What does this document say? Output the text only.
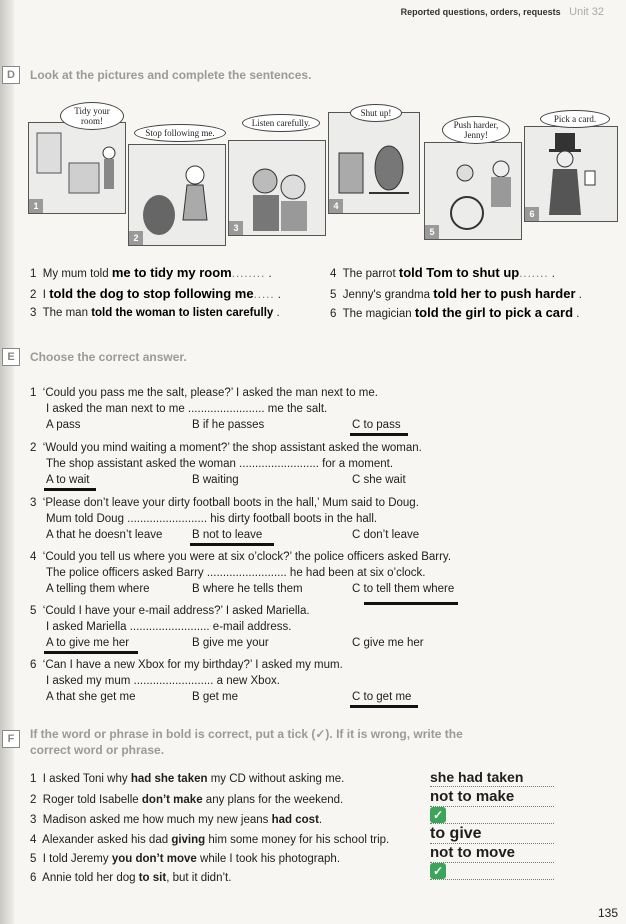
Reported questions, orders, requests Unit 32
D	Look at the pictures and complete the sentences.
1
Tidy your room!
2
Stop following me.
3
Listen carefully.
4
Shut up!
5
Push harder, Jenny!
6
Pick a card.
1 My mum told me to tidy my room........ .
2 I told the dog to stop following me..... .
3 The man told the woman to listen carefully .
4 The parrot told Tom to shut up....... .
5 Jenny's grandma told her to push harder .
6 The magician told the girl to pick a card .
E	Choose the correct answer.
1 ‘Could you pass me the salt, please?’ I asked the man next to me.
I asked the man next to me ........................ me the salt.
A pass	B if he passes	C to pass
2 ‘Would you mind waiting a moment?’ the shop assistant asked the woman.
The shop assistant asked the woman ......................... for a moment.
A to wait	B waiting	C she wait
3 ‘Please don’t leave your dirty football boots in the hall,’ Mum said to Doug.
Mum told Doug ......................... his dirty football boots in the hall.
A that he doesn’t leave	B not to leave	C don’t leave
4 ‘Could you tell us where you were at six o’clock?’ the police officers asked Barry.
The police officers asked Barry ......................... he had been at six o’clock.
A telling them where	B where he tells them	C to tell them where
5 ‘Could I have your e-mail address?’ I asked Mariella.
I asked Mariella ......................... e-mail address.
A to give me her	B give me your	C give me her
6 ‘Can I have a new Xbox for my birthday?’ I asked my mum.
I asked my mum ......................... a new Xbox.
A that she get me	B get me	C to get me
F	If the word or phrase in bold is correct, put a tick (✓). If it is wrong, write the
correct word or phrase.
1 I asked Toni why had she taken my CD without asking me.	she had taken
2 Roger told Isabelle don’t make any plans for the weekend.	not to make
3 Madison asked me how much my new jeans had cost.	✓
4 Alexander asked his dad giving him some money for his school trip.	to give
5 I told Jeremy you don’t move while I took his photograph.	not to move
6 Annie told her dog to sit, but it didn’t.	✓
135
